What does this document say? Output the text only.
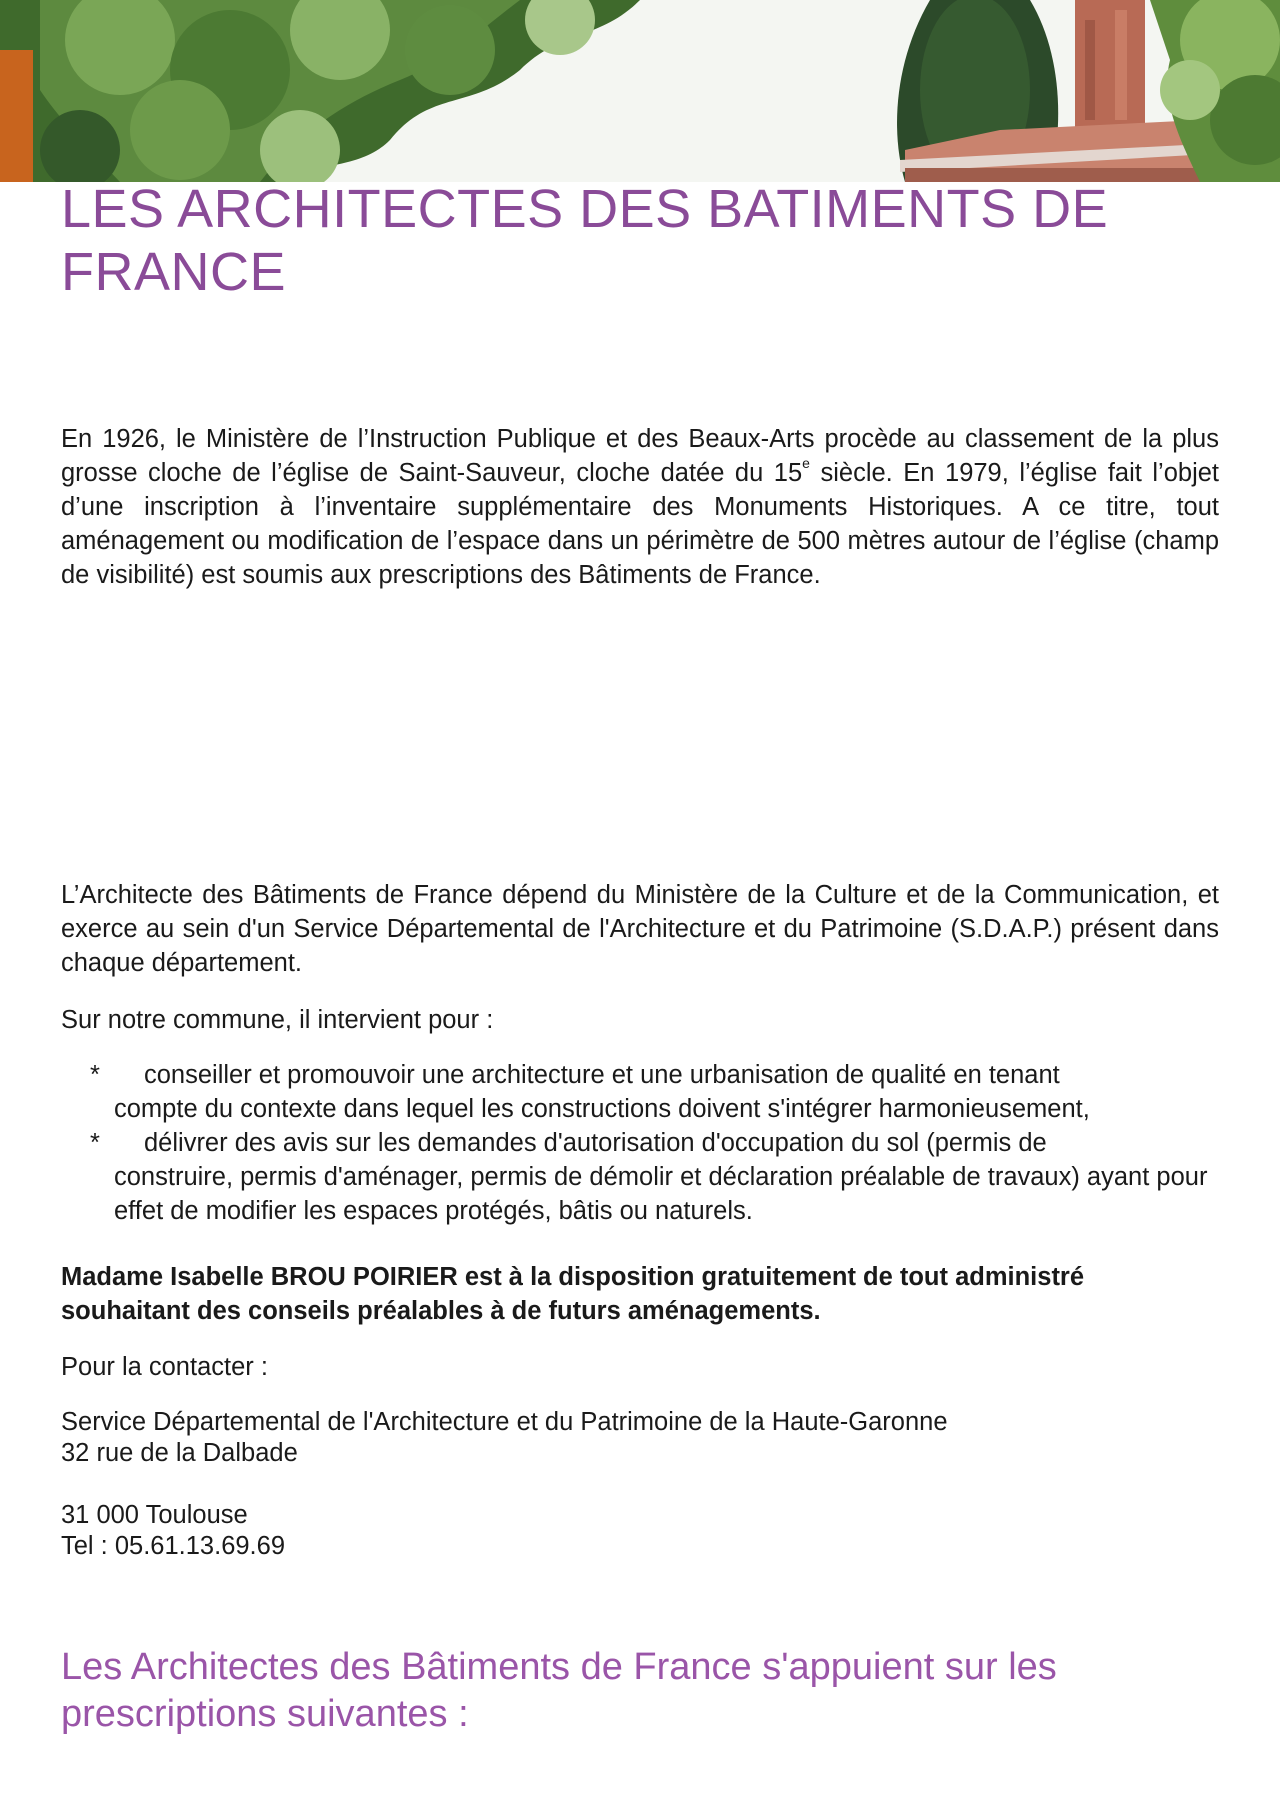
LES ARCHITECTES DES BATIMENTS DE FRANCE

En 1926, le Ministère de l’Instruction Publique et des Beaux-Arts procède au classement de la plus grosse cloche de l’église de Saint-Sauveur, cloche datée du 15e siècle. En 1979, l’église fait l’objet d’une inscription à l’inventaire supplémentaire des Monuments Historiques. A ce titre, tout aménagement ou modification de l’espace dans un périmètre de 500 mètres autour de l’église (champ de visibilité) est soumis aux prescriptions des Bâtiments de France.

L’Architecte des Bâtiments de France dépend du Ministère de la Culture et de la Communication, et exerce au sein d'un Service Départemental de l'Architecture et du Patrimoine (S.D.A.P.) présent dans chaque département.

Sur notre commune, il intervient pour :

*	conseiller et promouvoir une architecture et une urbanisation de qualité en tenant
compte du contexte dans lequel les constructions doivent s'intégrer harmonieusement,
*	délivrer des avis sur les demandes d'autorisation d'occupation du sol (permis de
construire, permis d'aménager, permis de démolir et déclaration préalable de travaux) ayant pour effet de modifier les espaces protégés, bâtis ou naturels.

Madame Isabelle BROU POIRIER est à la disposition gratuitement de tout administré souhaitant des conseils préalables à de futurs aménagements.

Pour la contacter :

Service Départemental de l'Architecture et du Patrimoine de la Haute-Garonne
32 rue de la Dalbade
31 000 Toulouse
Tel : 05.61.13.69.69
Les Architectes des Bâtiments de France s'appuient sur les prescriptions suivantes :
